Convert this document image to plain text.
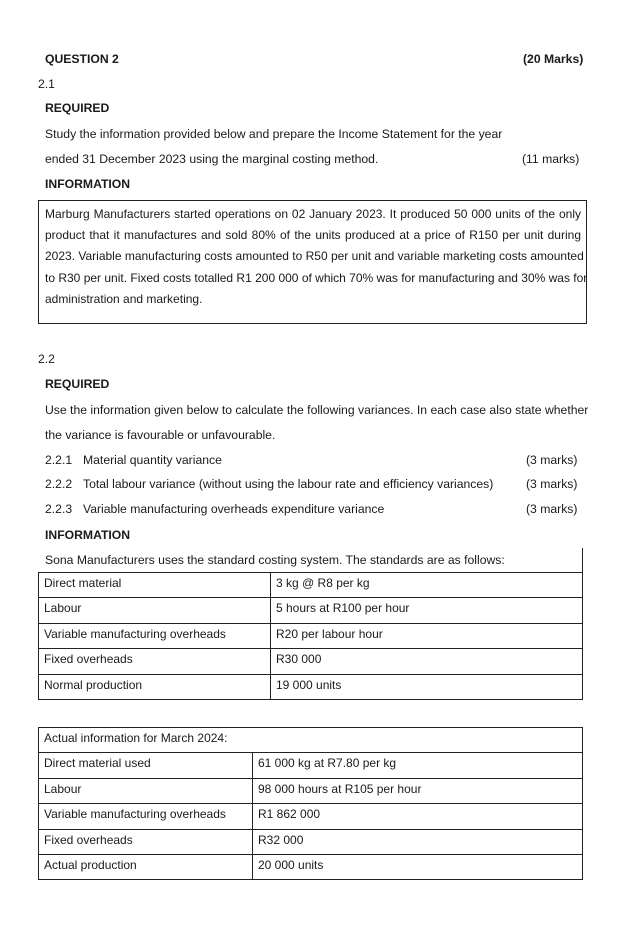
QUESTION 2	(20 Marks)
2.1
REQUIRED
Study the information provided below and prepare the Income Statement for the year
ended 31 December 2023 using the marginal costing method.	(11 marks)
INFORMATION
Marburg Manufacturers started operations on 02 January 2023. It produced 50 000 units of the only
product that it manufactures and sold 80% of the units produced at a price of R150 per unit during
2023. Variable manufacturing costs amounted to R50 per unit and variable marketing costs amounted
to R30 per unit. Fixed costs totalled R1 200 000 of which 70% was for manufacturing and 30% was for
administration and marketing.
2.2
REQUIRED
Use the information given below to calculate the following variances. In each case also state whether
the variance is favourable or unfavourable.
2.2.1 Material quantity variance	(3 marks)
2.2.2 Total labour variance (without using the labour rate and efficiency variances)	(3 marks)
2.2.3 Variable manufacturing overheads expenditure variance	(3 marks)
INFORMATION
Sona Manufacturers uses the standard costing system. The standards are as follows:
Direct material	3 kg @ R8 per kg
Labour	5 hours at R100 per hour
Variable manufacturing overheads	R20 per labour hour
Fixed overheads	R30 000
Normal production	19 000 units
Actual information for March 2024:	
Direct material used	61 000 kg at R7.80 per kg
Labour	98 000 hours at R105 per hour
Variable manufacturing overheads	R1 862 000
Fixed overheads	R32 000
Actual production	20 000 units
